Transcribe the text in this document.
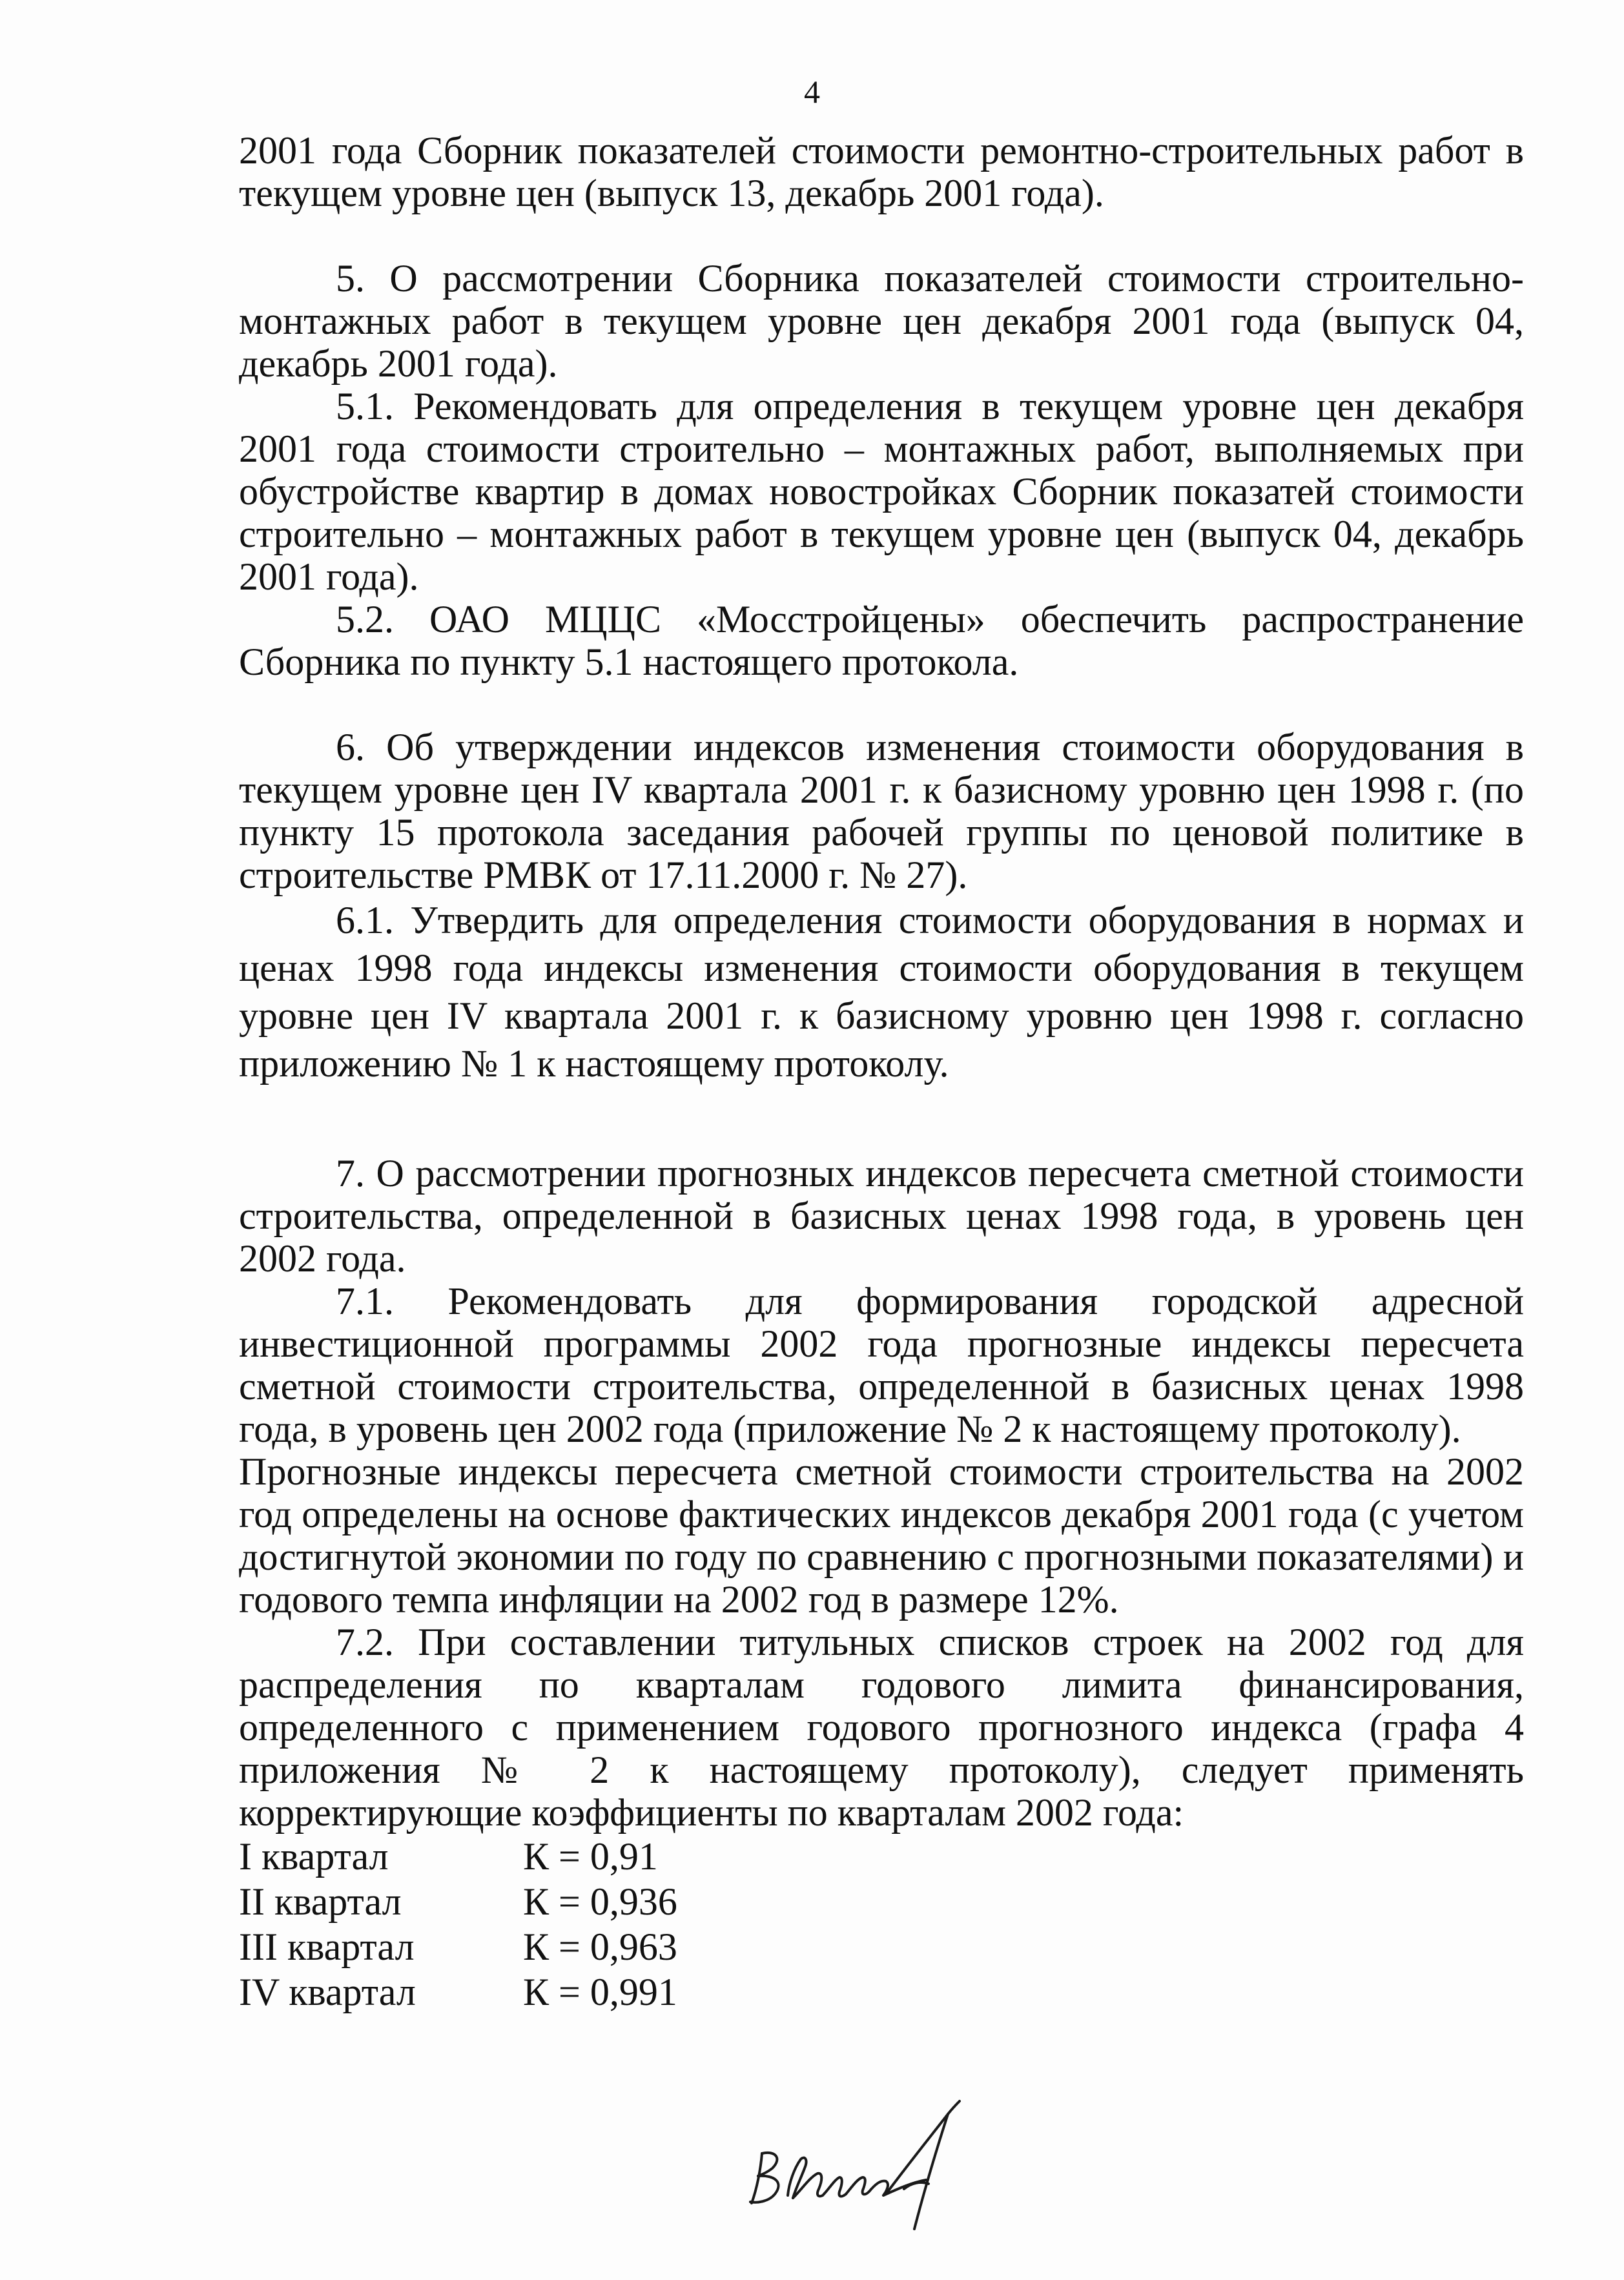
4

2001 года Сборник показателей стоимости ремонтно-строительных работ в текущем уровне цен (выпуск 13, декабрь 2001 года).

5. О рассмотрении Сборника показателей стоимости строительно-монтажных работ в текущем уровне цен декабря 2001 года (выпуск 04, декабрь 2001 года).

5.1. Рекомендовать для определения в текущем уровне цен декабря 2001 года стоимости строительно – монтажных работ, выполняемых при обустройстве квартир в домах новостройках Сборник показатей стоимости строительно – монтажных работ в текущем уровне цен (выпуск 04, декабрь 2001 года).

5.2. ОАО МЦЦС «Мосстройцены» обеспечить распространение Сборника по пункту 5.1 настоящего протокола.

6. Об утверждении индексов изменения стоимости оборудования в текущем уровне цен IV квартала 2001 г. к базисному уровню цен 1998 г. (по пункту 15 протокола заседания рабочей группы по ценовой политике в строительстве РМВК от 17.11.2000 г. № 27).

6.1. Утвердить для определения стоимости оборудования в нормах и ценах 1998 года индексы изменения стоимости оборудования в текущем уровне цен IV квартала 2001 г. к базисному уровню цен 1998 г. согласно приложению № 1 к настоящему протоколу.

7. О рассмотрении прогнозных индексов пересчета сметной стоимости строительства, определенной в базисных ценах 1998 года, в уровень цен 2002 года.

7.1. Рекомендовать для формирования городской адресной инвестиционной программы 2002 года прогнозные индексы пересчета сметной стоимости строительства, определенной в базисных ценах 1998 года, в уровень цен 2002 года (приложение № 2 к настоящему протоколу).

Прогнозные индексы пересчета сметной стоимости строительства на 2002 год определены на основе фактических индексов декабря 2001 года (с учетом достигнутой экономии по году по сравнению с прогнозными показателями) и годового темпа инфляции на 2002 год в размере 12%.

7.2. При составлении титульных списков строек на 2002 год для распределения по кварталам годового лимита финансирования, определенного с применением годового прогнозного индекса (графа 4 приложения № 2 к настоящему протоколу), следует применять корректирующие коэффициенты по кварталам 2002 года:

I квартал	К = 0,91
II квартал	К = 0,936
III квартал	К = 0,963
IV квартал	К = 0,991
